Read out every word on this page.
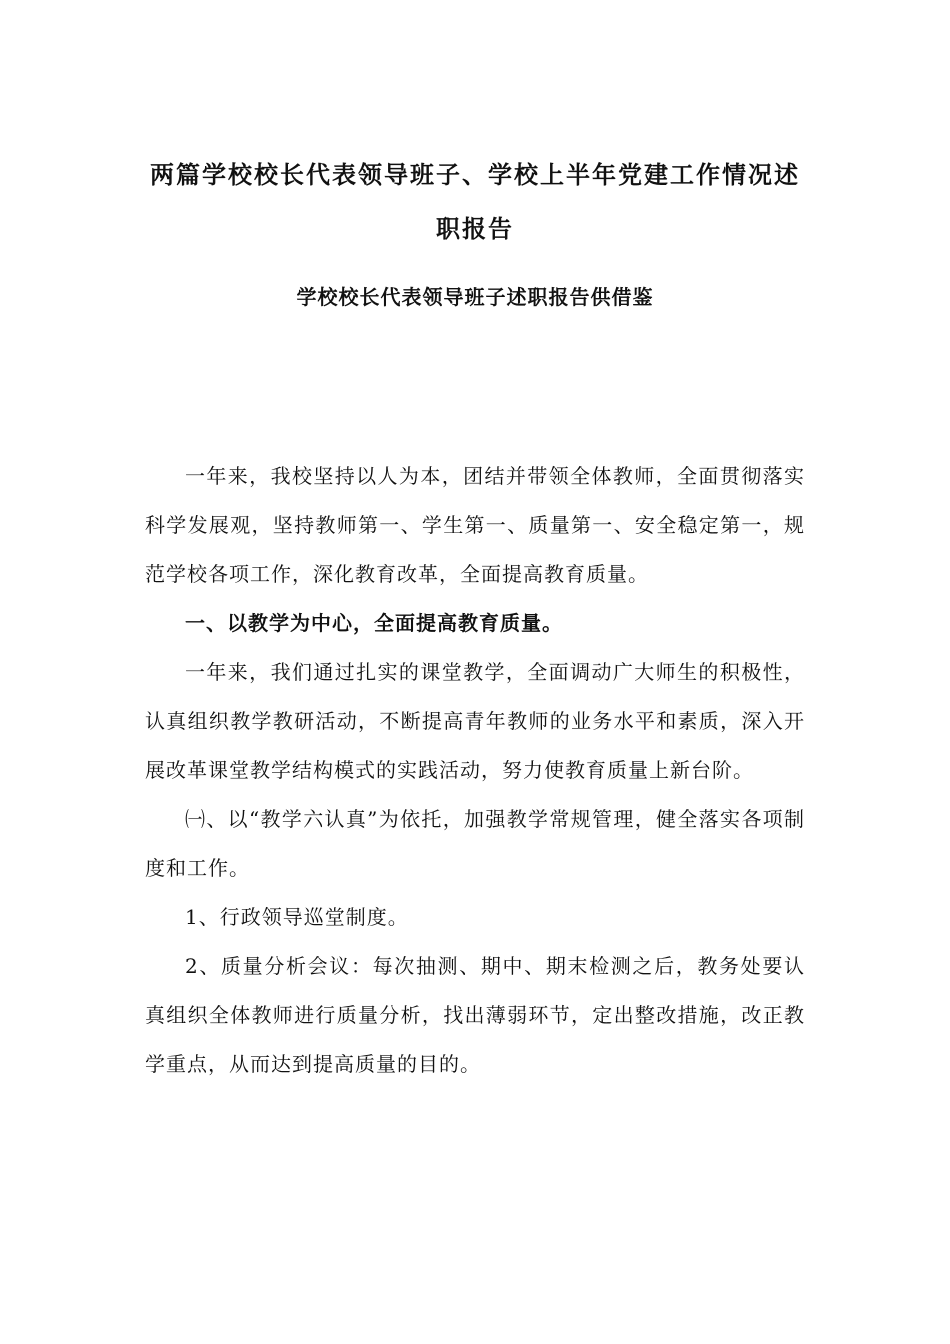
两篇学校校长代表领导班子、学校上半年党建工作情况述职报告
学校校长代表领导班子述职报告供借鉴

一年来，我校坚持以人为本，团结并带领全体教师，全面贯彻落实科学发展观，坚持教师第一、学生第一、质量第一、安全稳定第一，规范学校各项工作，深化教育改革，全面提高教育质量。

一、以教学为中心，全面提高教育质量。

一年来，我们通过扎实的课堂教学，全面调动广大师生的积极性，认真组织教学教研活动，不断提高青年教师的业务水平和素质，深入开展改革课堂教学结构模式的实践活动，努力使教育质量上新台阶。

㈠、以“教学六认真”为依托，加强教学常规管理，健全落实各项制度和工作。

1、行政领导巡堂制度。

2、质量分析会议：每次抽测、期中、期末检测之后，教务处要认真组织全体教师进行质量分析，找出薄弱环节，定出整改措施，改正教学重点，从而达到提高质量的目的。
